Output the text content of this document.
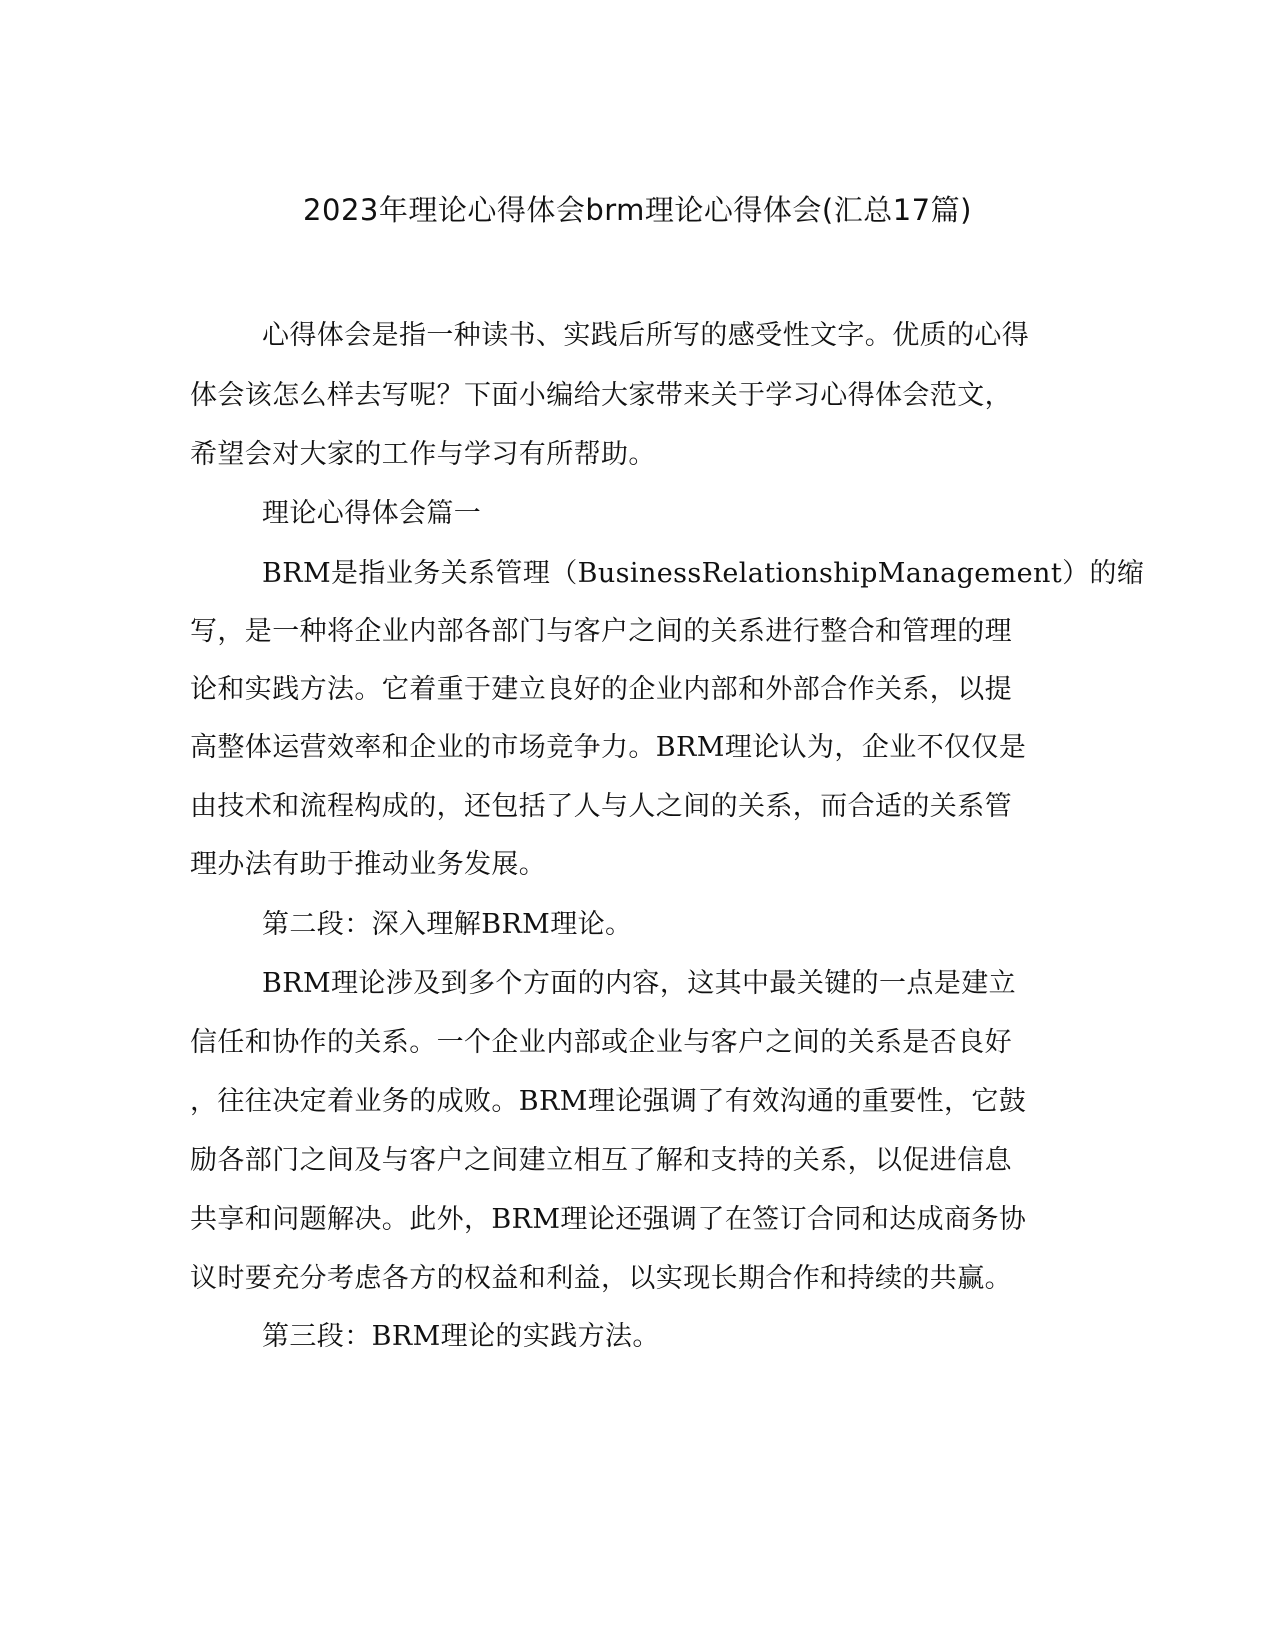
2023年理论心得体会brm理论心得体会(汇总17篇)
心得体会是指一种读书、实践后所写的感受性文字。优质的心得
体会该怎么样去写呢？下面小编给大家带来关于学习心得体会范文，
希望会对大家的工作与学习有所帮助。
理论心得体会篇一
BRM是指业务关系管理（BusinessRelationshipManagement）的缩
写，是一种将企业内部各部门与客户之间的关系进行整合和管理的理
论和实践方法。它着重于建立良好的企业内部和外部合作关系，以提
高整体运营效率和企业的市场竞争力。BRM理论认为，企业不仅仅是
由技术和流程构成的，还包括了人与人之间的关系，而合适的关系管
理办法有助于推动业务发展。
第二段：深入理解BRM理论。
BRM理论涉及到多个方面的内容，这其中最关键的一点是建立
信任和协作的关系。一个企业内部或企业与客户之间的关系是否良好
，往往决定着业务的成败。BRM理论强调了有效沟通的重要性，它鼓
励各部门之间及与客户之间建立相互了解和支持的关系，以促进信息
共享和问题解决。此外，BRM理论还强调了在签订合同和达成商务协
议时要充分考虑各方的权益和利益，以实现长期合作和持续的共赢。
第三段：BRM理论的实践方法。
